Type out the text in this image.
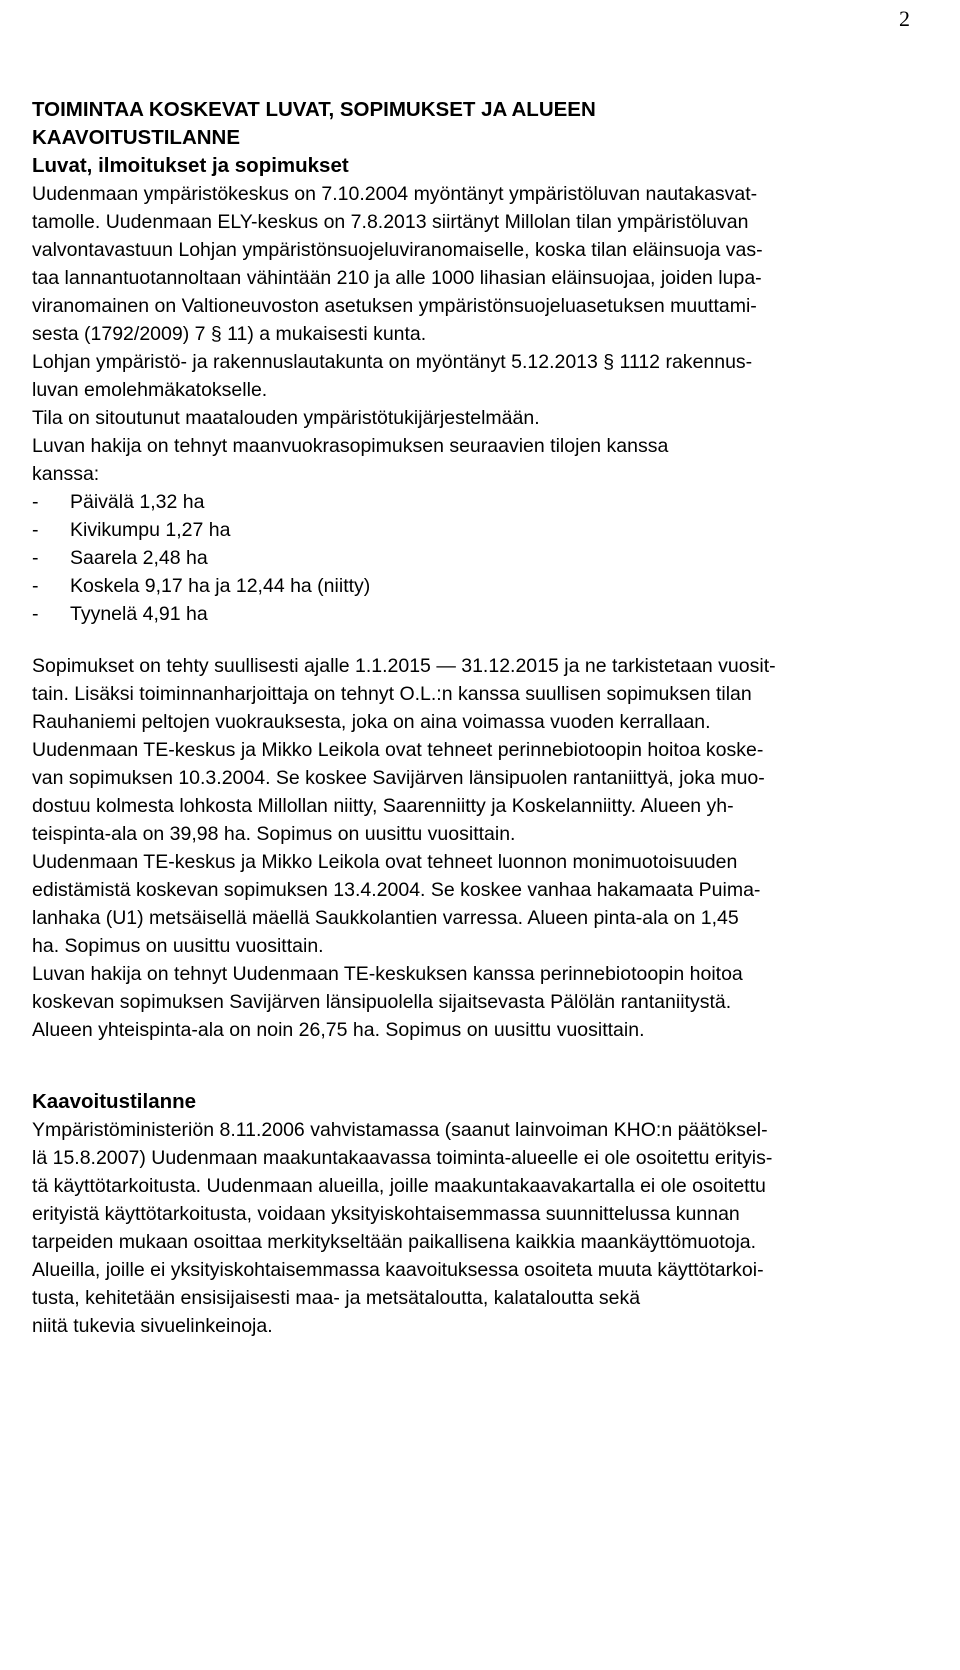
2

TOIMINTAA KOSKEVAT LUVAT, SOPIMUKSET JA ALUEEN
KAAVOITUSTILANNE

Luvat, ilmoitukset ja sopimukset

Uudenmaan ympäristökeskus on 7.10.2004 myöntänyt ympäristöluvan nautakasvat-
tamolle. Uudenmaan ELY-keskus on 7.8.2013 siirtänyt Millolan tilan ympäristöluvan
valvontavastuun Lohjan ympäristönsuojeluviranomaiselle, koska tilan eläinsuoja vas-
taa lannantuotannoltaan vähintään 210 ja alle 1000 lihasian eläinsuojaa, joiden lupa-
viranomainen on Valtioneuvoston asetuksen ympäristönsuojeluasetuksen muuttami-
sesta (1792/2009) 7 § 11) a mukaisesti kunta.

Lohjan ympäristö- ja rakennuslautakunta on myöntänyt 5.12.2013 § 1112 rakennus-
luvan emolehmäkatokselle.

Tila on sitoutunut maatalouden ympäristötukijärjestelmään.

Luvan hakija on tehnyt maanvuokrasopimuksen seuraavien tilojen kanssa
kanssa:
-	Päivälä 1,32 ha
-	Kivikumpu 1,27 ha
-	Saarela 2,48 ha
-	Koskela 9,17 ha ja 12,44 ha (niitty)
-	Tyynelä 4,91 ha

Sopimukset on tehty suullisesti ajalle 1.1.2015 — 31.12.2015 ja ne tarkistetaan vuosit-
tain. Lisäksi toiminnanharjoittaja on tehnyt O.L.:n kanssa suullisen sopimuksen tilan
Rauhaniemi peltojen vuokrauksesta, joka on aina voimassa vuoden kerrallaan.

Uudenmaan TE-keskus ja Mikko Leikola ovat tehneet perinnebiotoopin hoitoa koske-
van sopimuksen 10.3.2004. Se koskee Savijärven länsipuolen rantaniittyä, joka muo-
dostuu kolmesta lohkosta Millollan niitty, Saarenniitty ja Koskelanniitty. Alueen yh-
teispinta-ala on 39,98 ha. Sopimus on uusittu vuosittain.

Uudenmaan TE-keskus ja Mikko Leikola ovat tehneet luonnon monimuotoisuuden
edistämistä koskevan sopimuksen 13.4.2004. Se koskee vanhaa hakamaata Puima-
lanhaka (U1) metsäisellä mäellä Saukkolantien varressa. Alueen pinta-ala on 1,45
ha. Sopimus on uusittu vuosittain.

Luvan hakija on tehnyt Uudenmaan TE-keskuksen kanssa perinnebiotoopin hoitoa
koskevan sopimuksen Savijärven länsipuolella sijaitsevasta Pälölän rantaniitystä.
Alueen yhteispinta-ala on noin 26,75 ha. Sopimus on uusittu vuosittain.

Kaavoitustilanne

Ympäristöministeriön 8.11.2006 vahvistamassa (saanut lainvoiman KHO:n päätöksel-
lä 15.8.2007) Uudenmaan maakuntakaavassa toiminta-alueelle ei ole osoitettu erityis-
tä käyttötarkoitusta. Uudenmaan alueilla, joille maakuntakaavakartalla ei ole osoitettu
erityistä käyttötarkoitusta, voidaan yksityiskohtaisemmassa suunnittelussa kunnan
tarpeiden mukaan osoittaa merkitykseltään paikallisena kaikkia maankäyttömuotoja.
Alueilla, joille ei yksityiskohtaisemmassa kaavoituksessa osoiteta muuta käyttötarkoi-
tusta, kehitetään ensisijaisesti maa- ja metsätaloutta, kalataloutta sekä
niitä tukevia sivuelinkeinoja.
